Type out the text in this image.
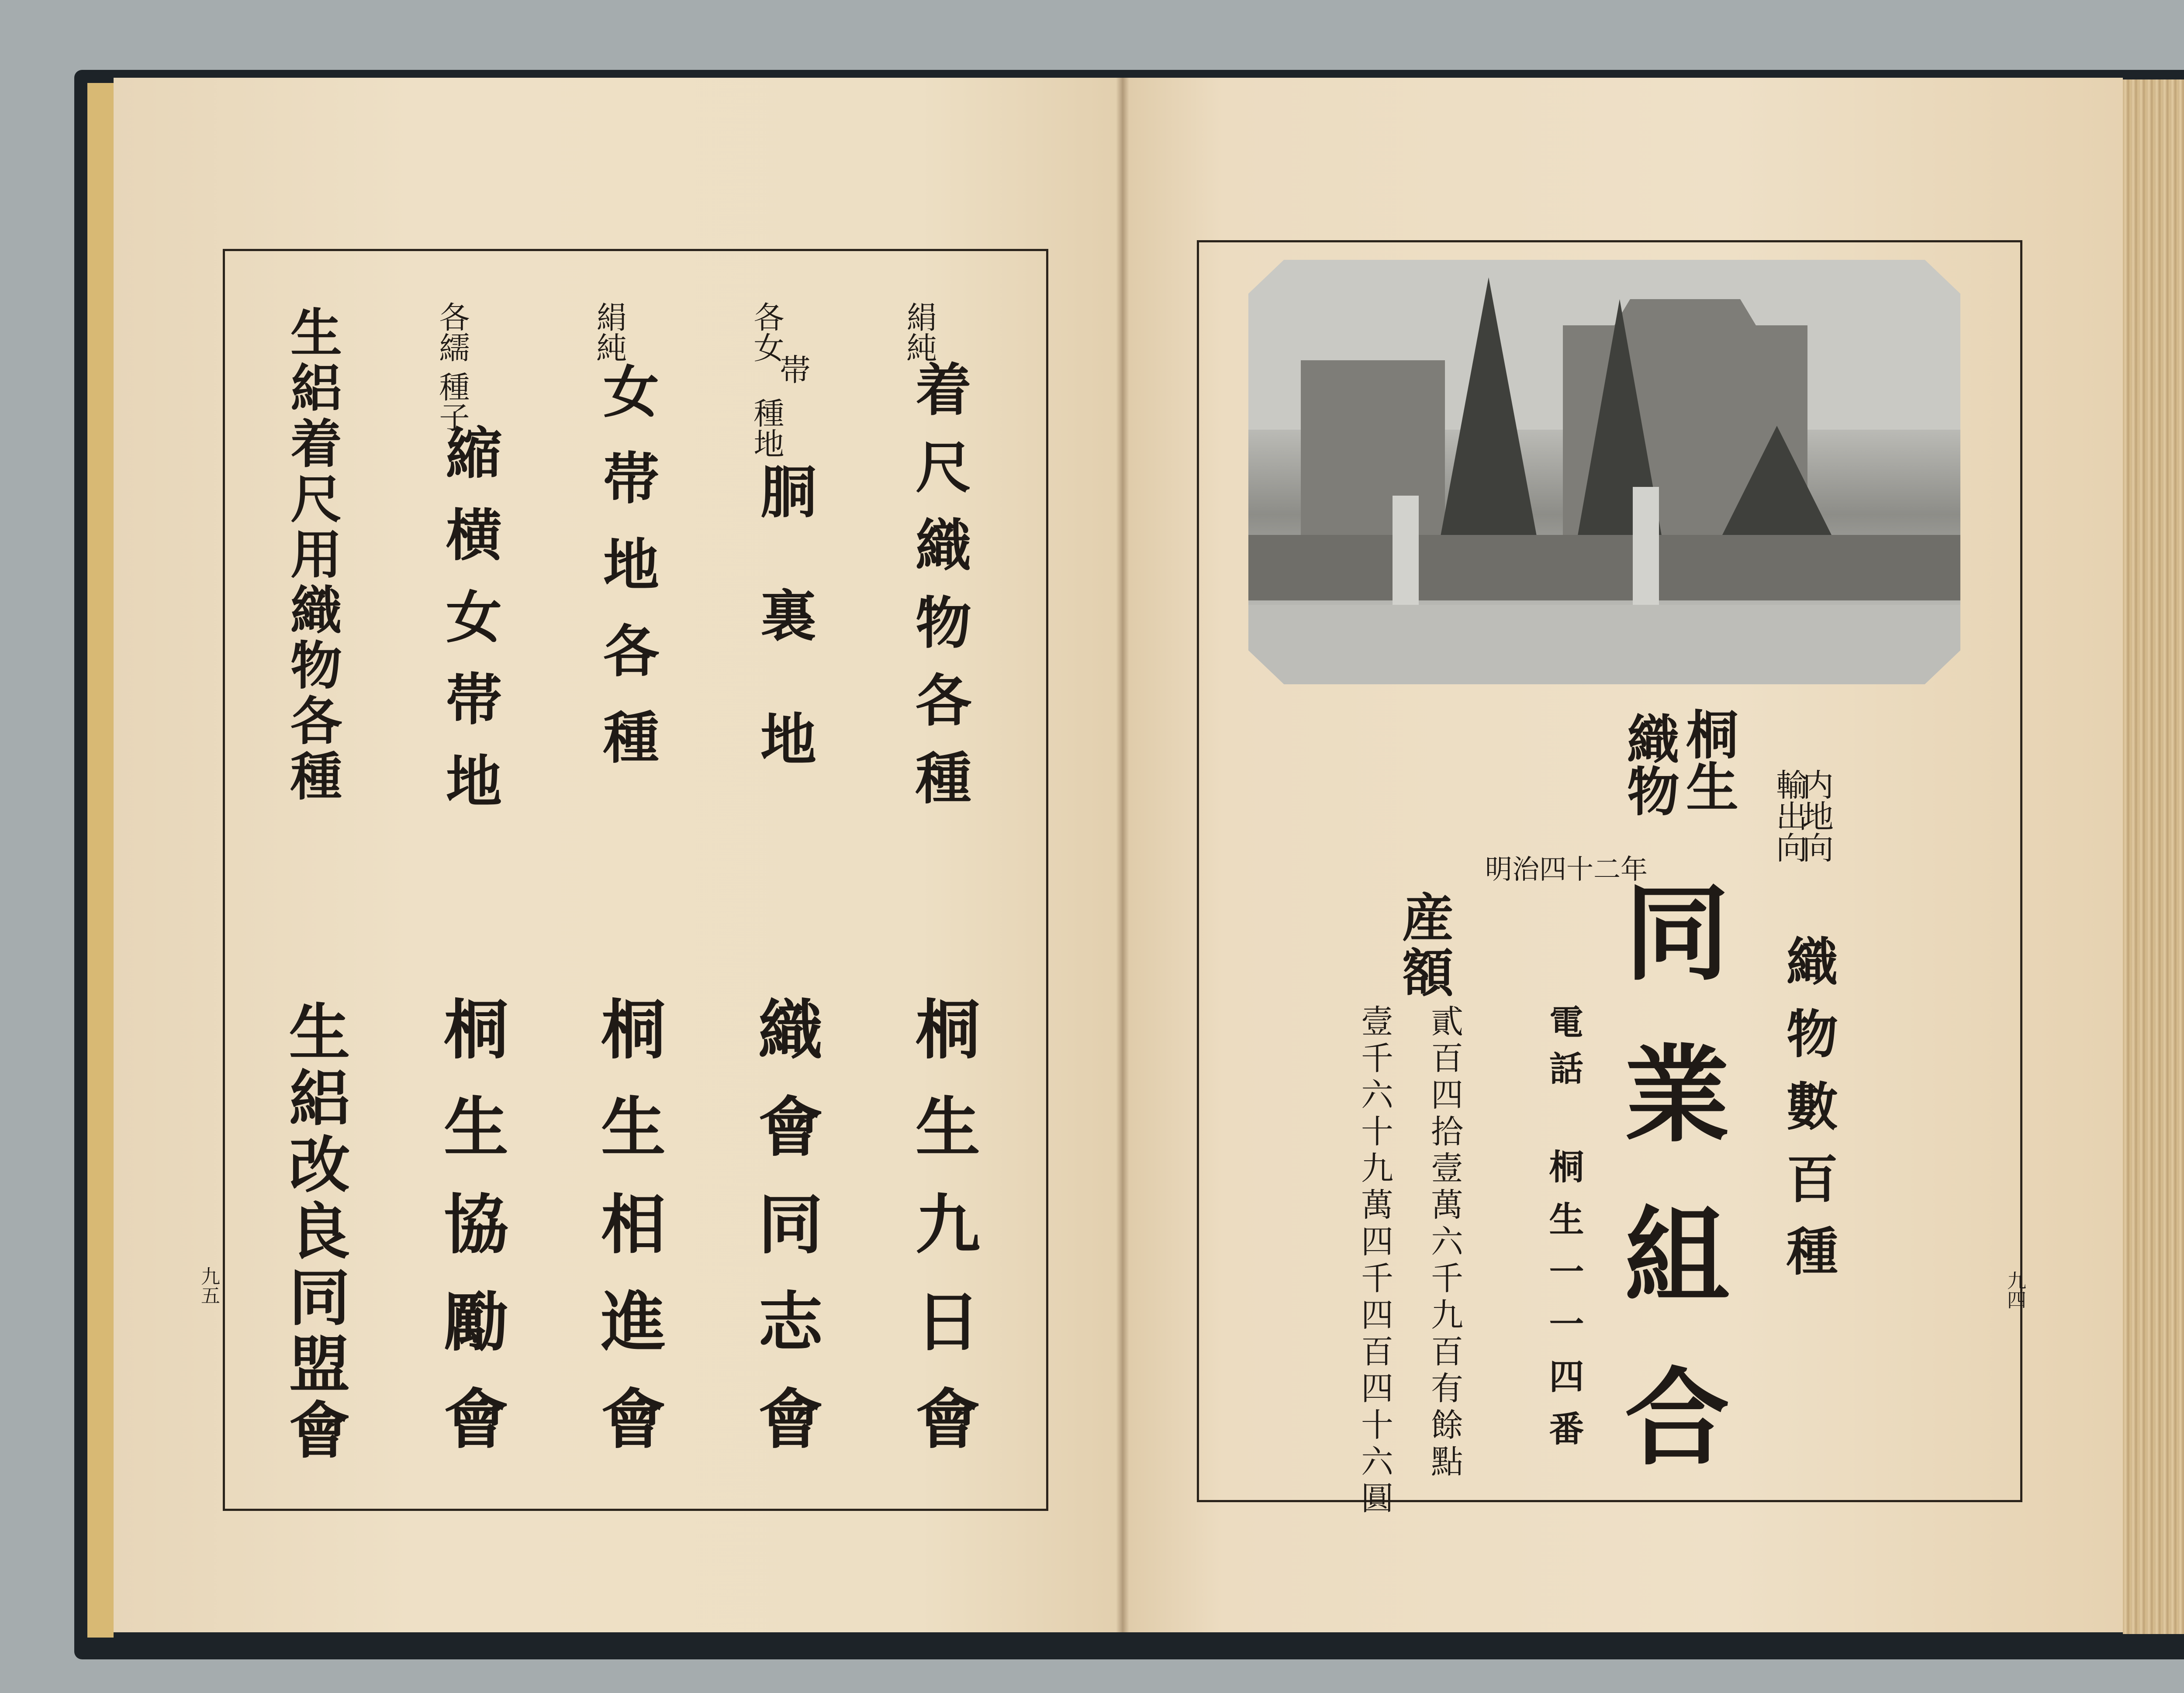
絹純
着尺織物各種
各女
帯
種地
胴裏地
絹純
女帯地各種
各繻
種子
縮横女帯地
生絽着尺用織物各種
桐生九日會
織會同志會
桐生相進會
桐生協勵會
生絽改良同盟會
九五
桐生
織物	内地向
輸出向
織物數百種
同業組合
電話
桐生一一四番
明治四十二年
産額
貳百四拾壹萬六千九百有餘點
壹千六十九萬四千四百四十六圓	九四
